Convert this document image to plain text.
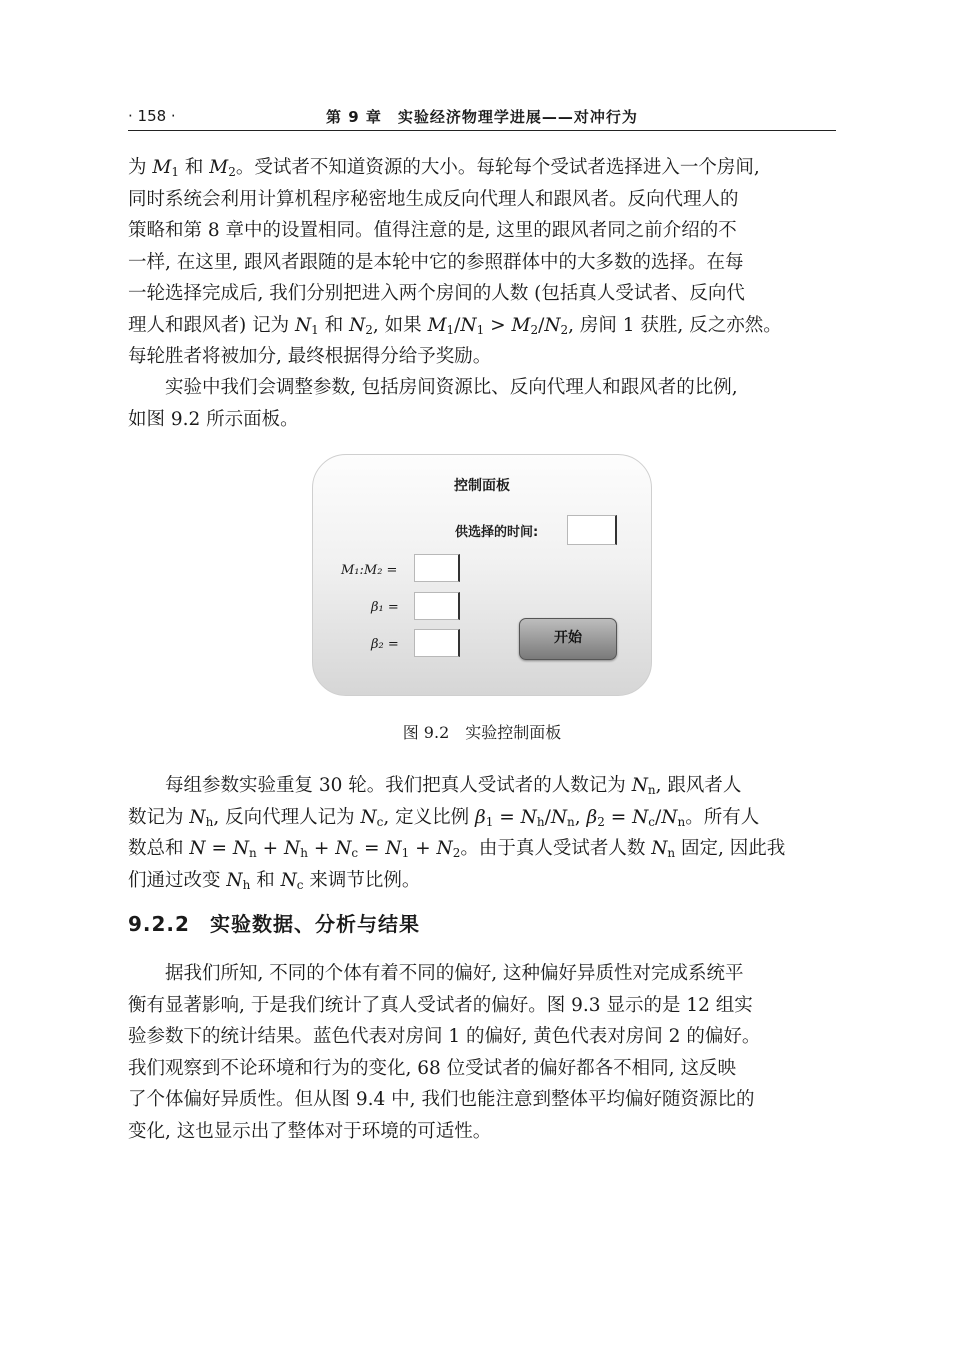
· 158 ·	第 9 章　实验经济物理学进展——对冲行为
为 $M_1$ 和 $M_2$。受试者不知道资源的大小。每轮每个受试者选择进入一个房间,
同时系统会利用计算机程序秘密地生成反向代理人和跟风者。反向代理人的
策略和第 8 章中的设置相同。值得注意的是, 这里的跟风者同之前介绍的不
一样, 在这里, 跟风者跟随的是本轮中它的参照群体中的大多数的选择。在每
一轮选择完成后, 我们分别把进入两个房间的人数 (包括真人受试者、反向代
理人和跟风者) 记为 $N_1$ 和 $N_2$, 如果 $M_1/N_1 > M_2/N_2$, 房间 1 获胜, 反之亦然。
每轮胜者将被加分, 最终根据得分给予奖励。
实验中我们会调整参数, 包括房间资源比、反向代理人和跟风者的比例,
如图 9.2 所示面板。
控制面板
供选择的时间:
M₁:M₂ =
β₁ =
β₂ =	开始
图 9.2　实验控制面板
每组参数实验重复 30 轮。我们把真人受试者的人数记为 $N_n$, 跟风者人
数记为 $N_h$, 反向代理人记为 $N_c$, 定义比例 $\beta_1 = N_h/N_n$, $\beta_2 = N_c/N_n$。所有人
数总和 $N = N_n + N_h + N_c = N_1 + N_2$。由于真人受试者人数 $N_n$ 固定, 因此我
们通过改变 $N_h$ 和 $N_c$ 来调节比例。
9.2.2 实验数据、分析与结果
据我们所知, 不同的个体有着不同的偏好, 这种偏好异质性对完成系统平
衡有显著影响, 于是我们统计了真人受试者的偏好。图 9.3 显示的是 12 组实
验参数下的统计结果。蓝色代表对房间 1 的偏好, 黄色代表对房间 2 的偏好。
我们观察到不论环境和行为的变化, 68 位受试者的偏好都各不相同, 这反映
了个体偏好异质性。但从图 9.4 中, 我们也能注意到整体平均偏好随资源比的
变化, 这也显示出了整体对于环境的可适性。
